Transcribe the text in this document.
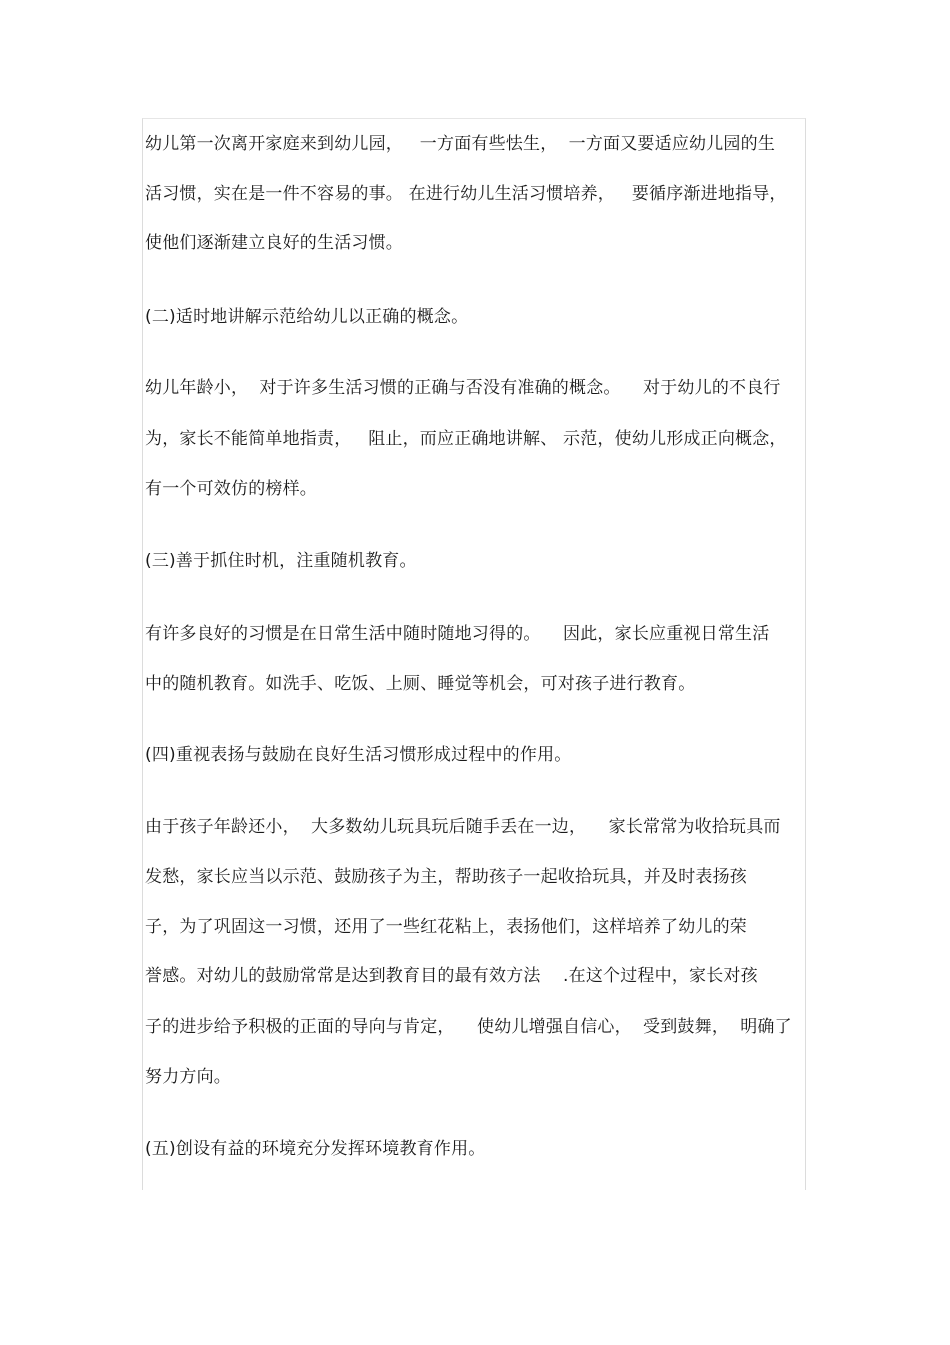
幼儿第一次离开家庭来到幼儿园，   一方面有些怯生，  一方面又要适应幼儿园的生
活习惯，实在是一件不容易的事。 在进行幼儿生活习惯培养，   要循序渐进地指导，
使他们逐渐建立良好的生活习惯。
(二)适时地讲解示范给幼儿以正确的概念。
幼儿年龄小，  对于许多生活习惯的正确与否没有准确的概念。    对于幼儿的不良行
为，家长不能简单地指责，   阻止，而应正确地讲解、 示范，使幼儿形成正向概念，
有一个可效仿的榜样。
(三)善于抓住时机，注重随机教育。
有许多良好的习惯是在日常生活中随时随地习得的。    因此，家长应重视日常生活
中的随机教育。如洗手、吃饭、上厕、睡觉等机会，可对孩子进行教育。
(四)重视表扬与鼓励在良好生活习惯形成过程中的作用。
由于孩子年龄还小，  大多数幼儿玩具玩后随手丢在一边，    家长常常为收拾玩具而
发愁，家长应当以示范、鼓励孩子为主，帮助孩子一起收拾玩具，并及时表扬孩
子，为了巩固这一习惯，还用了一些红花粘上，表扬他们，这样培养了幼儿的荣
誉感。对幼儿的鼓励常常是达到教育目的最有效方法    .在这个过程中，家长对孩
子的进步给予积极的正面的导向与肯定，    使幼儿增强自信心，  受到鼓舞，  明确了
努力方向。
(五)创设有益的环境充分发挥环境教育作用。
